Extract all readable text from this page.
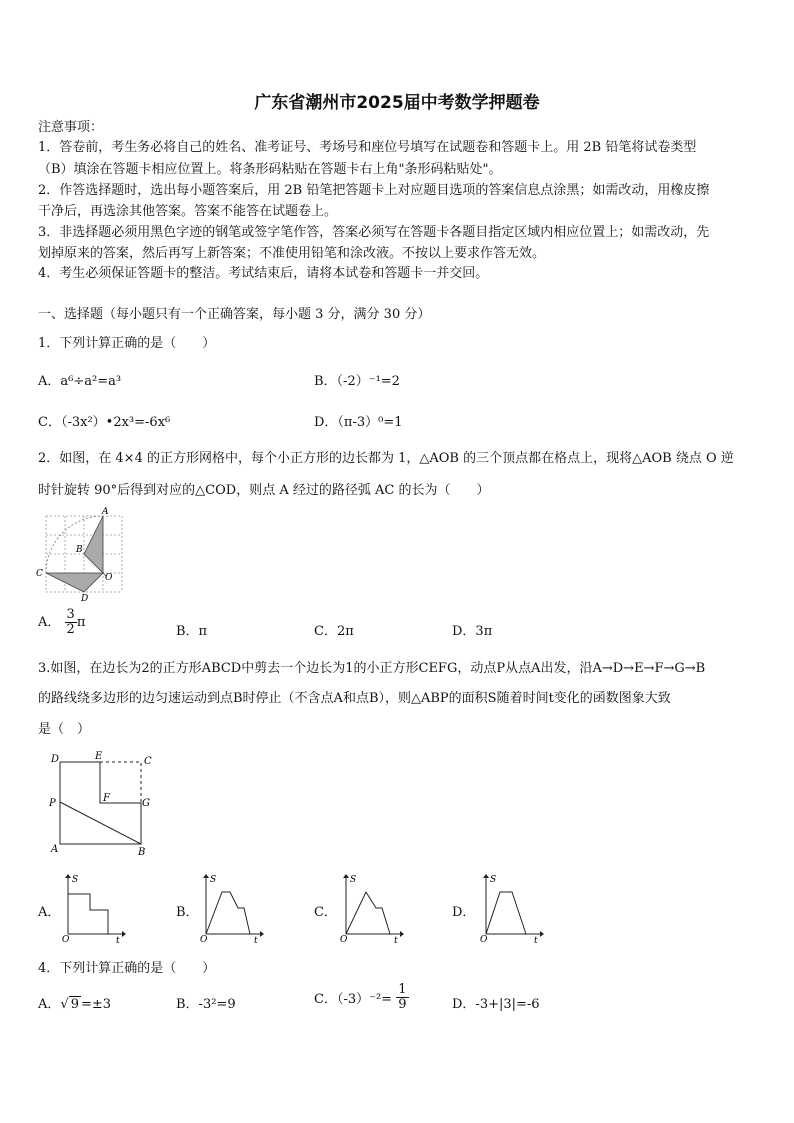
广东省潮州市2025届中考数学押题卷
注意事项：
1．答卷前，考生务必将自己的姓名、准考证号、考场号和座位号填写在试题卷和答题卡上。用 2B 铅笔将试卷类型
（B）填涂在答题卡相应位置上。将条形码粘贴在答题卡右上角"条形码粘贴处"。
2．作答选择题时，选出每小题答案后，用 2B 铅笔把答题卡上对应题目选项的答案信息点涂黑；如需改动，用橡皮擦
干净后，再选涂其他答案。答案不能答在试题卷上。
3．非选择题必须用黑色字迹的钢笔或签字笔作答，答案必须写在答题卡各题目指定区域内相应位置上；如需改动，先
划掉原来的答案，然后再写上新答案；不准使用铅笔和涂改液。不按以上要求作答无效。
4．考生必须保证答题卡的整洁。考试结束后，请将本试卷和答题卡一并交回。
一、选择题（每小题只有一个正确答案，每小题 3 分，满分 30 分）
1．下列计算正确的是（　　）
A．a⁶÷a²=a³	B．（-2）⁻¹=2
C．（-3x²）•2x³=-6x⁶	D．（π-3）⁰=1
2．如图，在 4×4 的正方形网格中，每个小正方形的边长都为 1，△AOB 的三个顶点都在格点上，现将△AOB 绕点 O 逆
时针旋转 90°后得到对应的△COD，则点 A 经过的路径弧 AC 的长为（　　）
A
B
C
D
O
A． $\frac{3}{2}$ π
B．π	C．2π	D．3π
3.如图，在边长为2的正方形ABCD中剪去一个边长为1的小正方形CEFG，动点P从点A出发，沿A→D→E→F→G→B
的路线绕多边形的边匀速运动到点B时停止（不含点A和点B），则△ABP的面积S随着时间t变化的函数图象大致
是（　）
D	E	C
P	F	G
A	B
A．	B．	C．	D．
S
O	t
S
O	t
S
O	t
S
O	t
4．下列计算正确的是（　　）
A．√ 9 =±3	B．-3²=9	C．$(-3)^{-2}= \frac{1}{9}$	D．-3+|3|=-6
